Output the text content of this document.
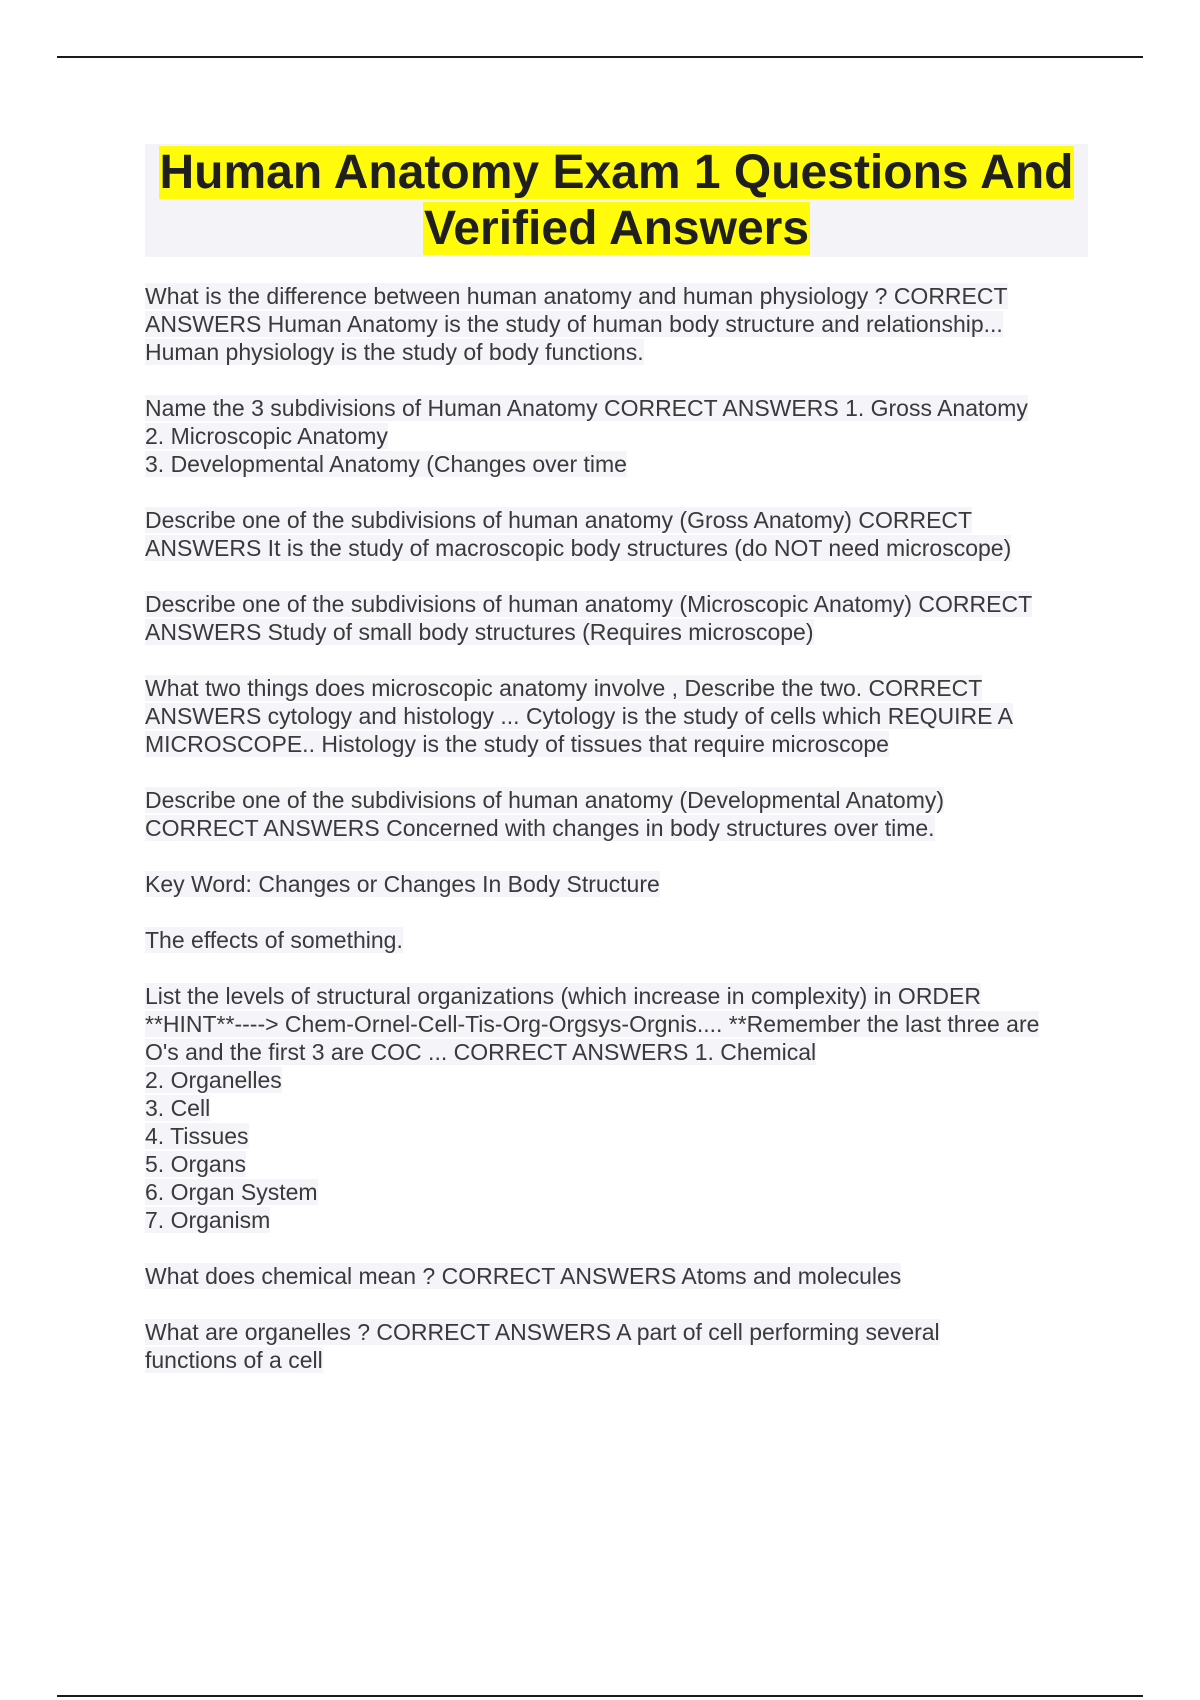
Human Anatomy Exam 1 Questions And
Verified Answers
What is the difference between human anatomy and human physiology ? CORRECT
ANSWERS Human Anatomy is the study of human body structure and relationship...
Human physiology is the study of body functions.
Name the 3 subdivisions of Human Anatomy CORRECT ANSWERS 1. Gross Anatomy
2. Microscopic Anatomy
3. Developmental Anatomy (Changes over time
Describe one of the subdivisions of human anatomy (Gross Anatomy) CORRECT
ANSWERS It is the study of macroscopic body structures (do NOT need microscope)
Describe one of the subdivisions of human anatomy (Microscopic Anatomy) CORRECT
ANSWERS Study of small body structures (Requires microscope)
What two things does microscopic anatomy involve , Describe the two. CORRECT
ANSWERS cytology and histology ... Cytology is the study of cells which REQUIRE A
MICROSCOPE.. Histology is the study of tissues that require microscope
Describe one of the subdivisions of human anatomy (Developmental Anatomy)
CORRECT ANSWERS Concerned with changes in body structures over time.
Key Word: Changes or Changes In Body Structure
The effects of something.
List the levels of structural organizations (which increase in complexity) in ORDER
**HINT**----> Chem-Ornel-Cell-Tis-Org-Orgsys-Orgnis.... **Remember the last three are
O's and the first 3 are COC ... CORRECT ANSWERS 1. Chemical
2. Organelles
3. Cell
4. Tissues
5. Organs
6. Organ System
7. Organism
What does chemical mean ? CORRECT ANSWERS Atoms and molecules
What are organelles ? CORRECT ANSWERS A part of cell performing several
functions of a cell
